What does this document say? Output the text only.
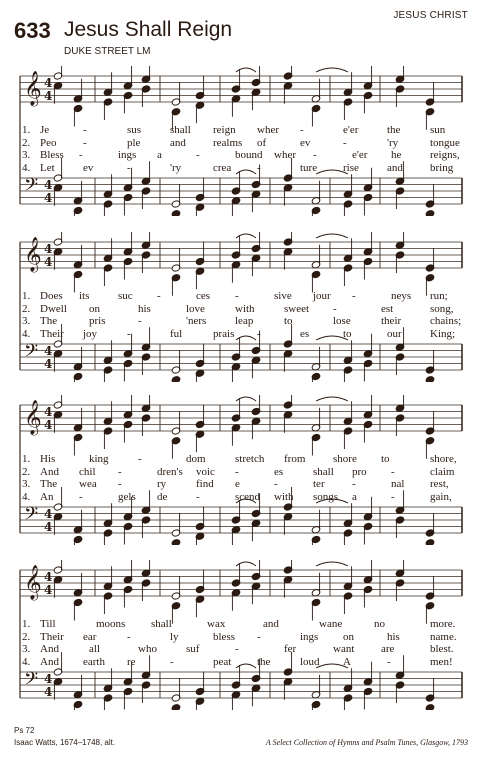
JESUS CHRIST
633 Jesus Shall Reign
DUKE STREET LM
𝄞 4
4
𝄢 4
4
1. Je	-	sus	shall reign wher -	e'er	the	sun
2. Peo -	ple	and realms of	ev	-	'ry	tongue
3. Bless -	ings a	-	bound wher -	e'er he	reigns,
4. Let	ev	-	'ry	crea -	ture rise	and bring
𝄞 4
4
𝄢 4
4
1. Does its	suc -	ces -	sive jour -	neys run;
2. Dwell on	his	love	with	sweet -	est	song,
3. The	pris	-	'ners	leap	to	lose	their	chains;
4. Their joy	-	ful	prais -	es	to	our	King;
𝄞 4
4
𝄢 4
4
1. His	king	-	dom	stretch from	shore to	shore,
2. And chil -	dren's voic -	es	shall pro -	claim
3. The wea -	ry	find e	-	ter -	nal rest,
4. An -	gels de	-	scend with songs a	-	gain,
𝄞 4
4
𝄢 4
4
1. Till	moons shall	wax	and	wane	no	more.
2. Their ear	-	ly	bless -	ings on	his	name.
3. And	all	who	suf	-	fer	want are	blest.
4. And earth re	-	peat the	loud A	-	men!
Ps 72
Isaac Watts, 1674–1748, alt.	A Select Collection of Hymns and Psalm Tunes, Glasgow, 1793
